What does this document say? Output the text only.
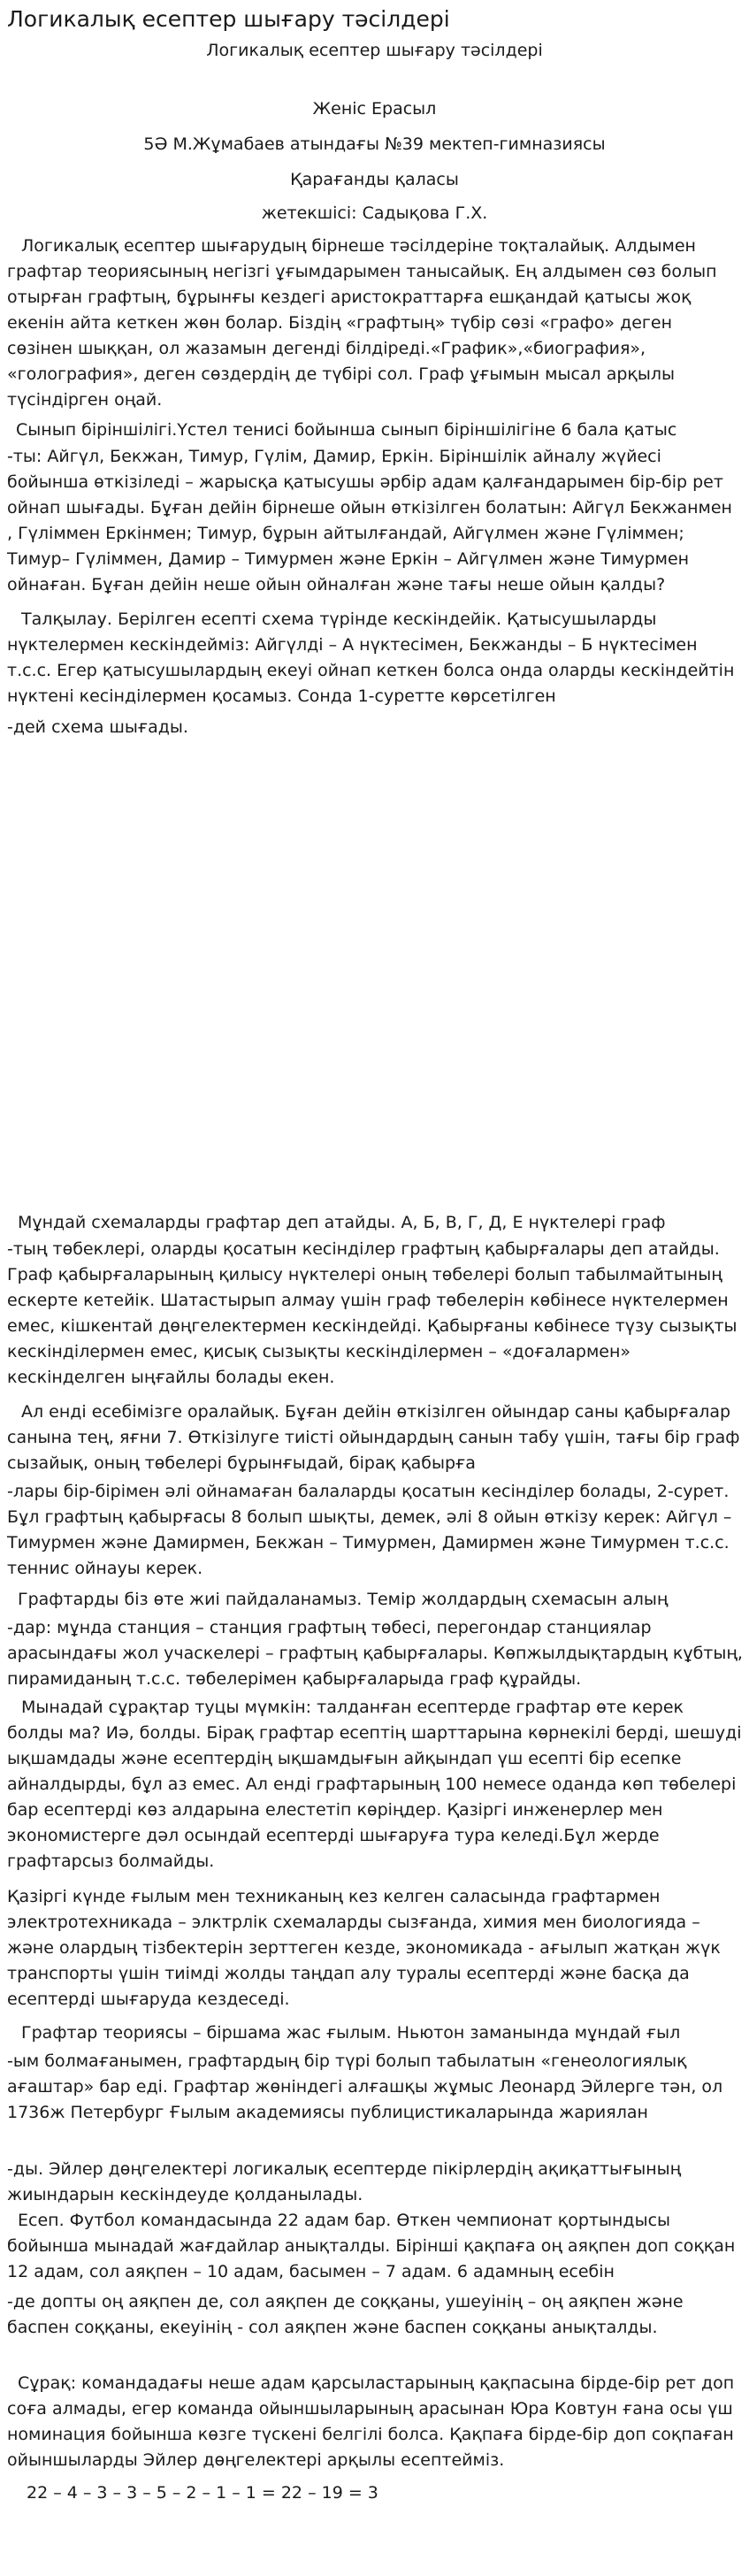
Логикалық есептер шығару тәсілдері

Логикалық есептер шығару тәсілдері

Женіс Ерасыл

5Ә М.Жұмабаев атындағы №39 мектеп-гимназиясы

Қарағанды қаласы

жетекшісі: Садықова Г.Х.

Логикалық есептер шығарудың бірнеше тәсілдеріне тоқталайық. Алдымен графтар теориясының негізгі ұғымдарымен танысайық. Ең алдымен сөз болып отырған графтың, бұрынғы кездегі аристократтарға ешқандай қатысы жоқ екенін айта кеткен жөн болар. Біздің «графтың» түбір сөзі «графо» деген сөзінен шыққан, ол жазамын дегенді білдіреді.«График»,«биография», «голография», деген сөздердің де түбірі сол. Граф ұғымын мысал арқылы түсіндірген оңай.

Сынып біріншілігі.Үстел тенисі бойынша сынып біріншілігіне 6 бала қатыс

-ты: Айгүл, Бекжан, Тимур, Гүлім, Дамир, Еркін. Біріншілік айналу жүйесі бойынша өткізіледі – жарысқа қатысушы әрбір адам қалғандарымен бір-бір рет ойнап шығады. Бұған дейін бірнеше ойын өткізілген болатын: Айгүл Бекжанмен , Гүліммен Еркінмен; Тимур, бұрын айтылғандай, Айгүлмен және Гүліммен; Тимур– Гүліммен, Дамир – Тимурмен және Еркін – Айгүлмен және Тимурмен ойнаған. Бұған дейін неше ойын ойналған және тағы неше ойын қалды?

Талқылау. Берілген есепті схема түрінде кескіндейік. Қатысушыларды нүктелермен кескіндейміз: Айгүлді – А нүктесімен, Бекжанды – Б нүктесімен т.с.с. Егер қатысушылардың екеуі ойнап кеткен болса онда оларды кескіндейтін нүктені кесінділермен қосамыз. Сонда 1-суретте көрсетілген

-дей схема шығады.

Мұндай схемаларды графтар деп атайды. А, Б, В, Г, Д, Е нүктелері граф

-тың төбеклері, оларды қосатын кесінділер графтың қабырғалары деп атайды. Граф қабырғаларының қилысу нүктелері оның төбелері болып табылмайтының ескерте кетейік. Шатастырып алмау үшін граф төбелерін көбінесе нүктелермен емес, кішкентай дөңгелектермен кескіндейді. Қабырғаны көбінесе түзу сызықты кескінділермен емес, қисық сызықты кескінділермен – «доғалармен» кескінделген ыңғайлы болады екен.

Ал енді есебімізге оралайық. Бұған дейін өткізілген ойындар саны қабырғалар санына тең, яғни 7. Өткізілуге тиісті ойындардың санын табу үшін, тағы бір граф сызайық, оның төбелері бұрынғыдай, бірақ қабырға

-лары бір-бірімен әлі ойнамаған балаларды қосатын кесінділер болады, 2-сурет. Бұл графтың қабырғасы 8 болып шықты, демек, әлі 8 ойын өткізу керек: Айгүл – Тимурмен және Дамирмен, Бекжан – Тимурмен, Дамирмен және Тимурмен т.с.с. теннис ойнауы керек.

Графтарды біз өте жиі пайдаланамыз. Темір жолдардың схемасын алың

-дар: мұнда станция – станция графтың төбесі, перегондар станциялар арасындағы жол учаскелері – графтың қабырғалары. Көпжылдықтардың кұбтың, пирамиданың т.с.с. төбелерімен қабырғаларыда граф құрайды.

Мынадай сұрақтар туцы мүмкін: талданған есептерде графтар өте керек болды ма? Иә, болды. Бірақ графтар есептің шарттарына көрнекілі берді, шешуді ықшамдады және есептердің ықшамдығын айқындап үш есепті бір есепке айналдырды, бұл аз емес. Ал енді графтарының 100 немесе оданда көп төбелері бар есептерді көз алдарына елестетіп көріңдер. Қазіргі инженерлер мен экономистерге дәл осындай есептерді шығаруға тура келеді.Бұл жерде графтарсыз болмайды.

Қазіргі күнде ғылым мен техниканың кез келген саласында графтармен электротехникада – элктрлік схемаларды сызғанда, химия мен биологияда – және олардың тізбектерін зерттеген кезде, экономикада - ағылып жатқан жүк транспорты үшін тиімді жолды таңдап алу туралы есептерді және басқа да есептерді шығаруда кездеседі.

Графтар теориясы – біршама жас ғылым. Ньютон заманында мұндай ғыл

-ым болмағанымен, графтардың бір түрі болып табылатын «генеологиялық ағаштар» бар еді. Графтар жөніндегі алғашқы жұмыс Леонард Эйлерге тән, ол 1736ж Петербург Ғылым академиясы публицистикаларында жариялан

-ды. Эйлер дөңгелектері логикалық есептерде пікірлердің ақиқаттығының жиындарын кескіндеуде қолданылады.

Есеп. Футбол командасында 22 адам бар. Өткен чемпионат қортындысы бойынша мынадай жағдайлар анықталды. Бірінші қақпаға оң аяқпен доп соққан 12 адам, сол аяқпен – 10 адам, басымен – 7 адам. 6 адамның есебін

-де допты оң аяқпен де, сол аяқпен де соққаны, ушеуінің – оң аяқпен және баспен соққаны, екеуінің - сол аяқпен және баспен соққаны анықталды.

Сұрақ: командадағы неше адам қарсыластарының қақпасына бірде-бір рет доп соға алмады, егер команда ойыншыларының арасынан Юра Ковтун ғана осы үш номинация бойынша көзге түскені белгілі болса. Қақпаға бірде-бір доп соқпаған ойыншыларды Эйлер дөңгелектері арқылы есептейміз.

22 – 4 – 3 – 3 – 5 – 2 – 1 – 1 = 22 – 19 = 3
